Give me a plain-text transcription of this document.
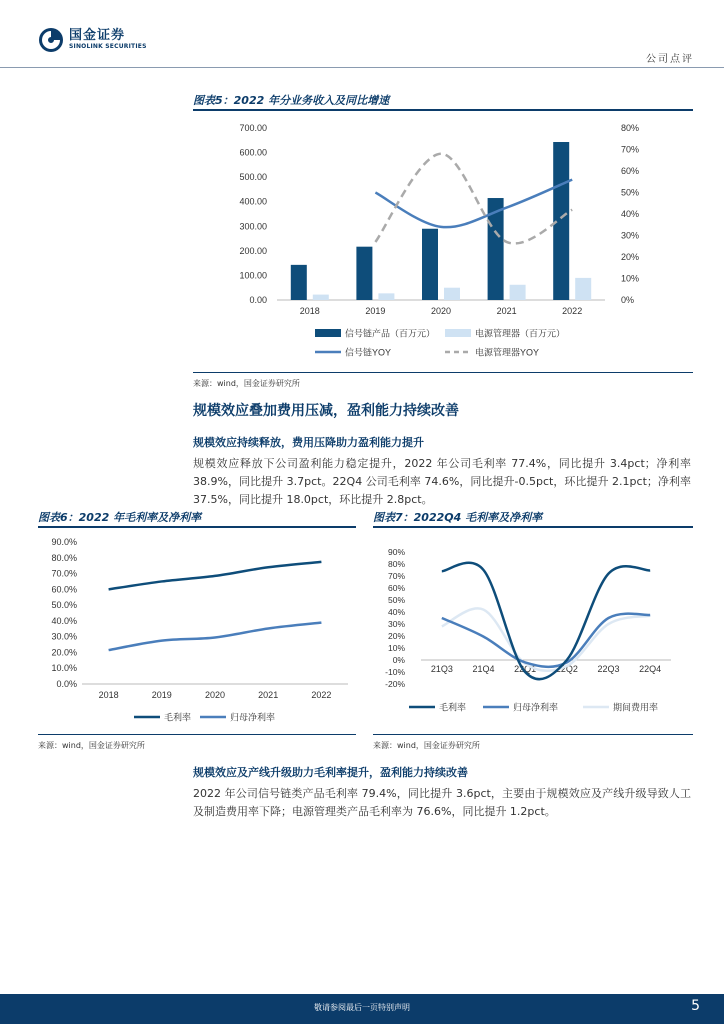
国金证券
SINOLINK SECURITIES
公司点评
图表5：2022 年分业务收入及同比增速
0.00
100.00
200.00
300.00
400.00
500.00
600.00
700.00
0%
10%
20%
30%
40%
50%
60%
70%
80%
2018	2019	2020	2021	2022
信号链产品（百万元）	电源管理器（百万元）
信号链YOY	电源管理器YOY
来源：wind，国金证券研究所
规模效应叠加费用压减，盈利能力持续改善
规模效应持续释放，费用压降助力盈利能力提升
规模效应释放下公司盈利能力稳定提升，2022 年公司毛利率 77.4%，同比提升 3.4pct；净利率 38.9%，同比提升 3.7pct。22Q4 公司毛利率 74.6%，同比提升-0.5pct，环比提升 2.1pct；净利率 37.5%，同比提升 18.0pct，环比提升 2.8pct。
图表6：2022 年毛利率及净利率
0.0%
10.0%
20.0%
30.0%
40.0%
50.0%
60.0%
70.0%
80.0%
90.0%
2018	2019	2020	2021	2022
毛利率	归母净利率
来源：wind，国金证券研究所
图表7：2022Q4 毛利率及净利率
-20%
-10%
0%
10%
20%
30%
40%
50%
60%
70%
80%
90%
21Q3 21Q4 22Q1 22Q2 22Q3 22Q4
毛利率	归母净利率	期间费用率
来源：wind，国金证券研究所
规模效应及产线升级助力毛利率提升，盈利能力持续改善
2022 年公司信号链类产品毛利率 79.4%，同比提升 3.6pct，主要由于规模效应及产线升级导致人工及制造费用率下降；电源管理类产品毛利率为 76.6%，同比提升 1.2pct。
敬请参阅最后一页特别声明	5
